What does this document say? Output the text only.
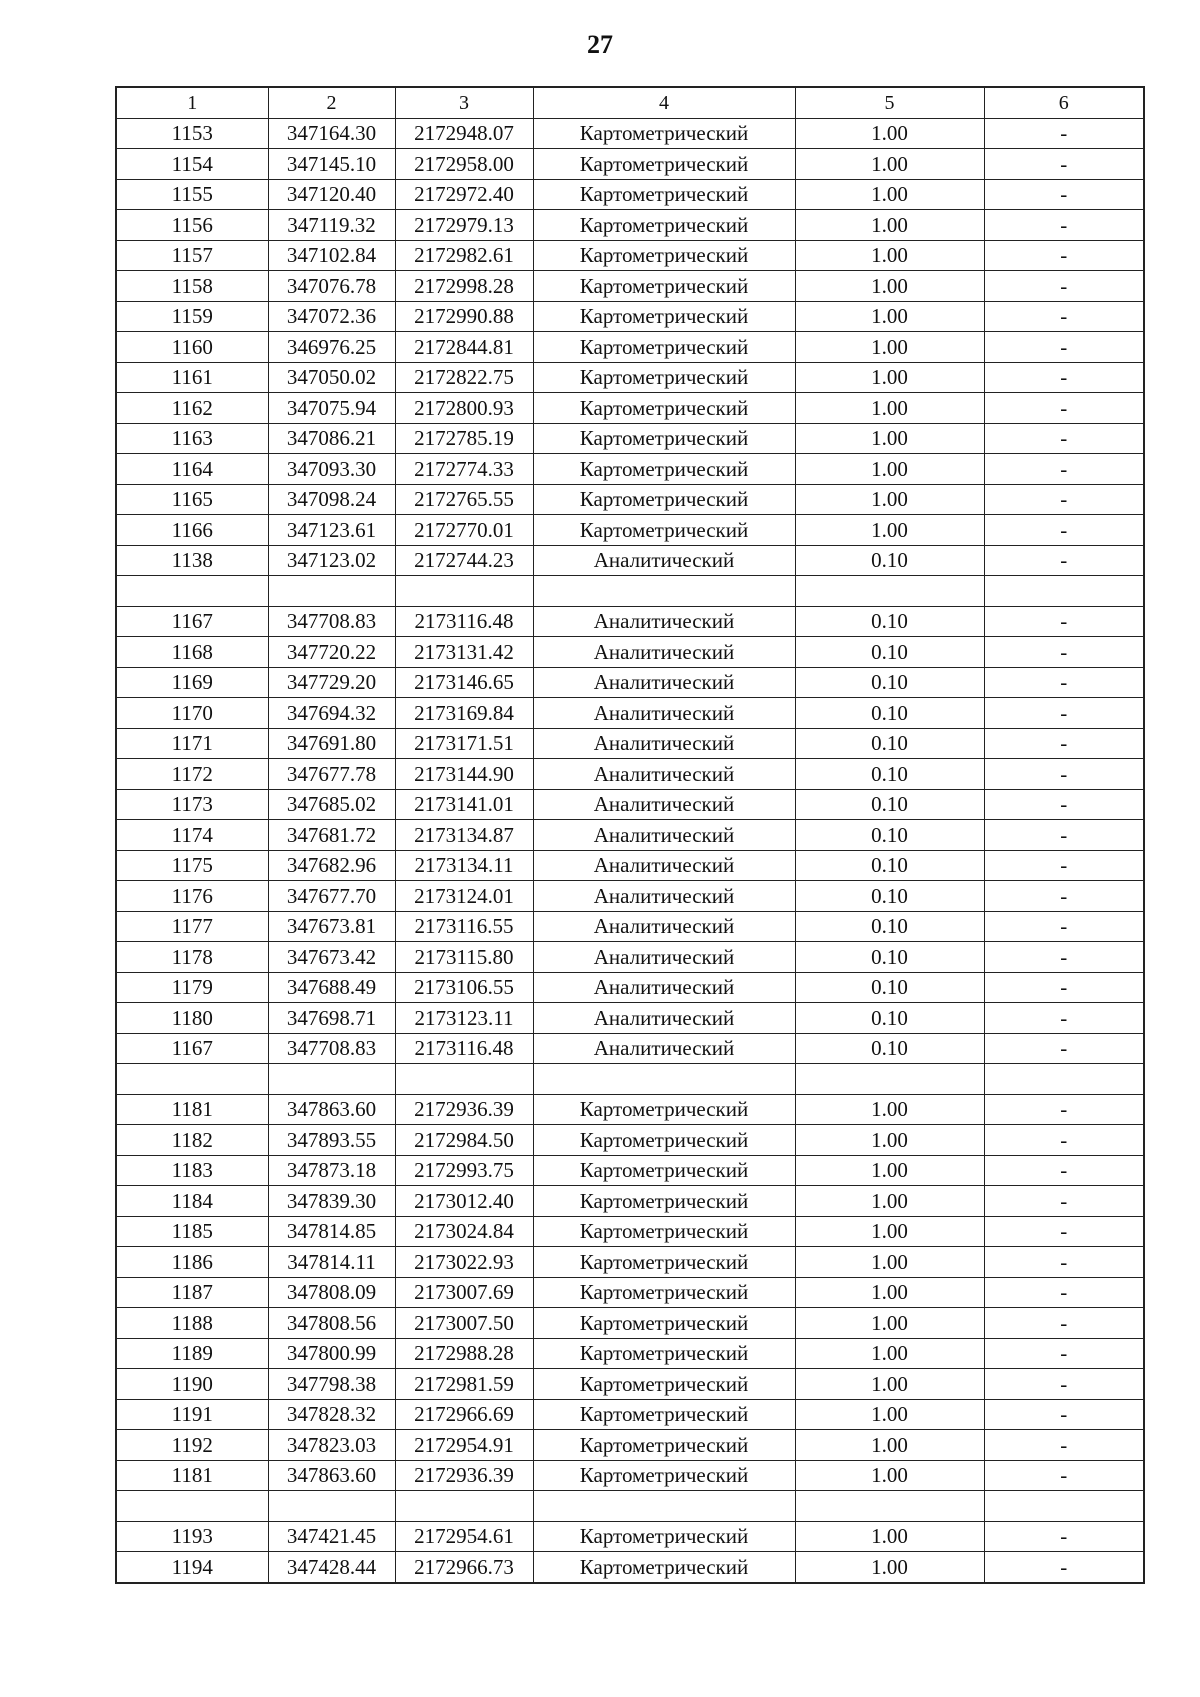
27
1	2	3	4	5	6
1153	347164.30	2172948.07	Картометрический	1.00	-
1154	347145.10	2172958.00	Картометрический	1.00	-
1155	347120.40	2172972.40	Картометрический	1.00	-
1156	347119.32	2172979.13	Картометрический	1.00	-
1157	347102.84	2172982.61	Картометрический	1.00	-
1158	347076.78	2172998.28	Картометрический	1.00	-
1159	347072.36	2172990.88	Картометрический	1.00	-
1160	346976.25	2172844.81	Картометрический	1.00	-
1161	347050.02	2172822.75	Картометрический	1.00	-
1162	347075.94	2172800.93	Картометрический	1.00	-
1163	347086.21	2172785.19	Картометрический	1.00	-
1164	347093.30	2172774.33	Картометрический	1.00	-
1165	347098.24	2172765.55	Картометрический	1.00	-
1166	347123.61	2172770.01	Картометрический	1.00	-
1138	347123.02	2172744.23	Аналитический	0.10	-

1167	347708.83	2173116.48	Аналитический	0.10	-
1168	347720.22	2173131.42	Аналитический	0.10	-
1169	347729.20	2173146.65	Аналитический	0.10	-
1170	347694.32	2173169.84	Аналитический	0.10	-
1171	347691.80	2173171.51	Аналитический	0.10	-
1172	347677.78	2173144.90	Аналитический	0.10	-
1173	347685.02	2173141.01	Аналитический	0.10	-
1174	347681.72	2173134.87	Аналитический	0.10	-
1175	347682.96	2173134.11	Аналитический	0.10	-
1176	347677.70	2173124.01	Аналитический	0.10	-
1177	347673.81	2173116.55	Аналитический	0.10	-
1178	347673.42	2173115.80	Аналитический	0.10	-
1179	347688.49	2173106.55	Аналитический	0.10	-
1180	347698.71	2173123.11	Аналитический	0.10	-
1167	347708.83	2173116.48	Аналитический	0.10	-

1181	347863.60	2172936.39	Картометрический	1.00	-
1182	347893.55	2172984.50	Картометрический	1.00	-
1183	347873.18	2172993.75	Картометрический	1.00	-
1184	347839.30	2173012.40	Картометрический	1.00	-
1185	347814.85	2173024.84	Картометрический	1.00	-
1186	347814.11	2173022.93	Картометрический	1.00	-
1187	347808.09	2173007.69	Картометрический	1.00	-
1188	347808.56	2173007.50	Картометрический	1.00	-
1189	347800.99	2172988.28	Картометрический	1.00	-
1190	347798.38	2172981.59	Картометрический	1.00	-
1191	347828.32	2172966.69	Картометрический	1.00	-
1192	347823.03	2172954.91	Картометрический	1.00	-
1181	347863.60	2172936.39	Картометрический	1.00	-

1193	347421.45	2172954.61	Картометрический	1.00	-
1194	347428.44	2172966.73	Картометрический	1.00	-
